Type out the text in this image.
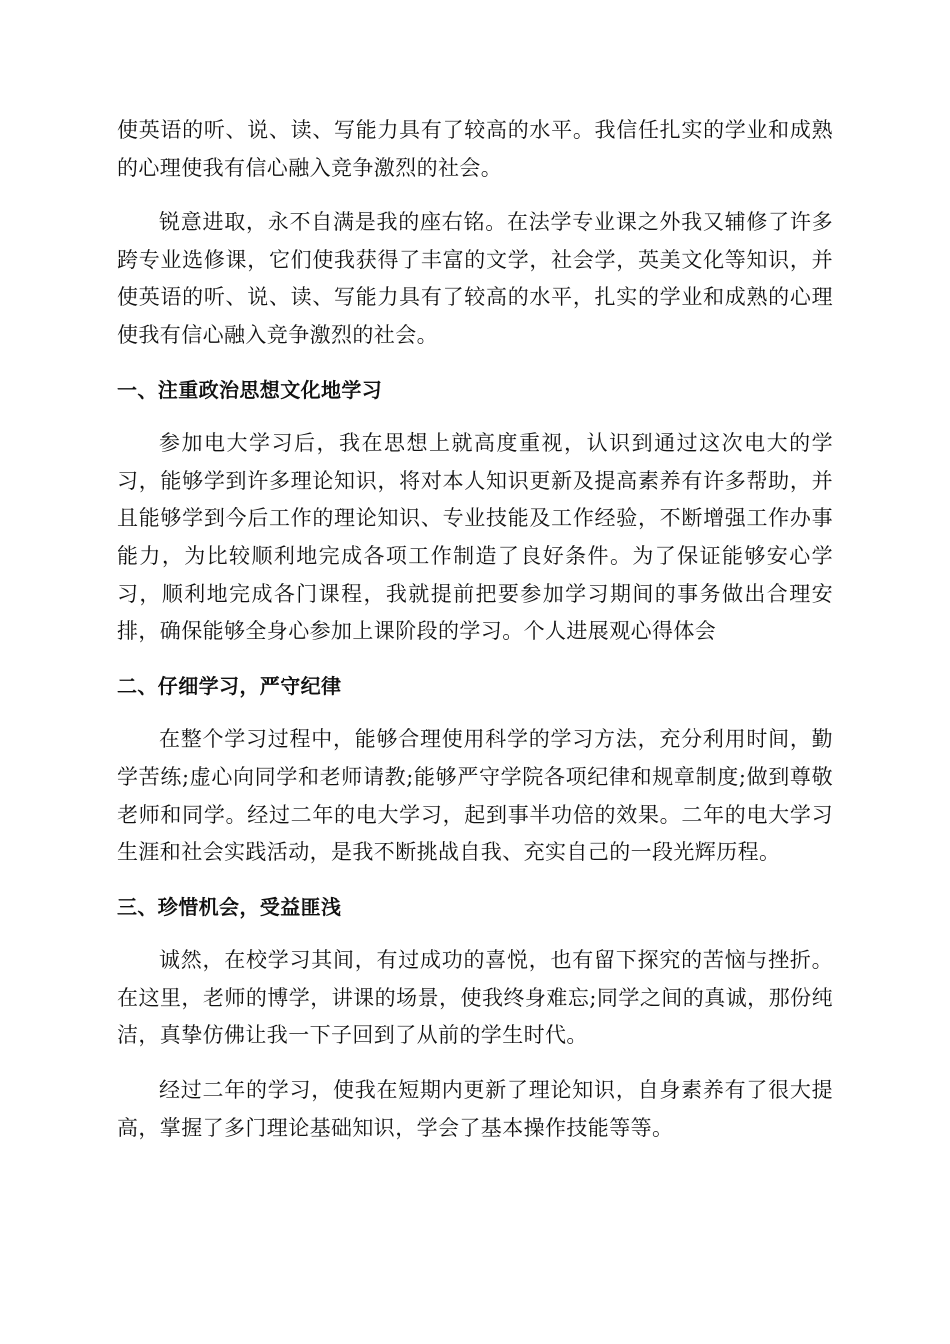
使英语的听、说、读、写能力具有了较高的水平。我信任扎实的学业和成熟的心理使我有信心融入竞争激烈的社会。

锐意进取，永不自满是我的座右铭。在法学专业课之外我又辅修了许多跨专业选修课，它们使我获得了丰富的文学，社会学，英美文化等知识，并使英语的听、说、读、写能力具有了较高的水平，扎实的学业和成熟的心理使我有信心融入竞争激烈的社会。

一、注重政治思想文化地学习

参加电大学习后，我在思想上就高度重视，认识到通过这次电大的学习，能够学到许多理论知识，将对本人知识更新及提高素养有许多帮助，并且能够学到今后工作的理论知识、专业技能及工作经验，不断增强工作办事能力，为比较顺利地完成各项工作制造了良好条件。为了保证能够安心学习，顺利地完成各门课程，我就提前把要参加学习期间的事务做出合理安排，确保能够全身心参加上课阶段的学习。个人进展观心得体会

二、仔细学习，严守纪律

在整个学习过程中，能够合理使用科学的学习方法，充分利用时间，勤学苦练;虚心向同学和老师请教;能够严守学院各项纪律和规章制度;做到尊敬老师和同学。经过二年的电大学习，起到事半功倍的效果。二年的电大学习生涯和社会实践活动，是我不断挑战自我、充实自己的一段光辉历程。

三、珍惜机会，受益匪浅

诚然，在校学习其间，有过成功的喜悦，也有留下探究的苦恼与挫折。在这里，老师的博学，讲课的场景，使我终身难忘;同学之间的真诚，那份纯洁，真挚仿佛让我一下子回到了从前的学生时代。

经过二年的学习，使我在短期内更新了理论知识，自身素养有了很大提高，掌握了多门理论基础知识，学会了基本操作技能等等。
